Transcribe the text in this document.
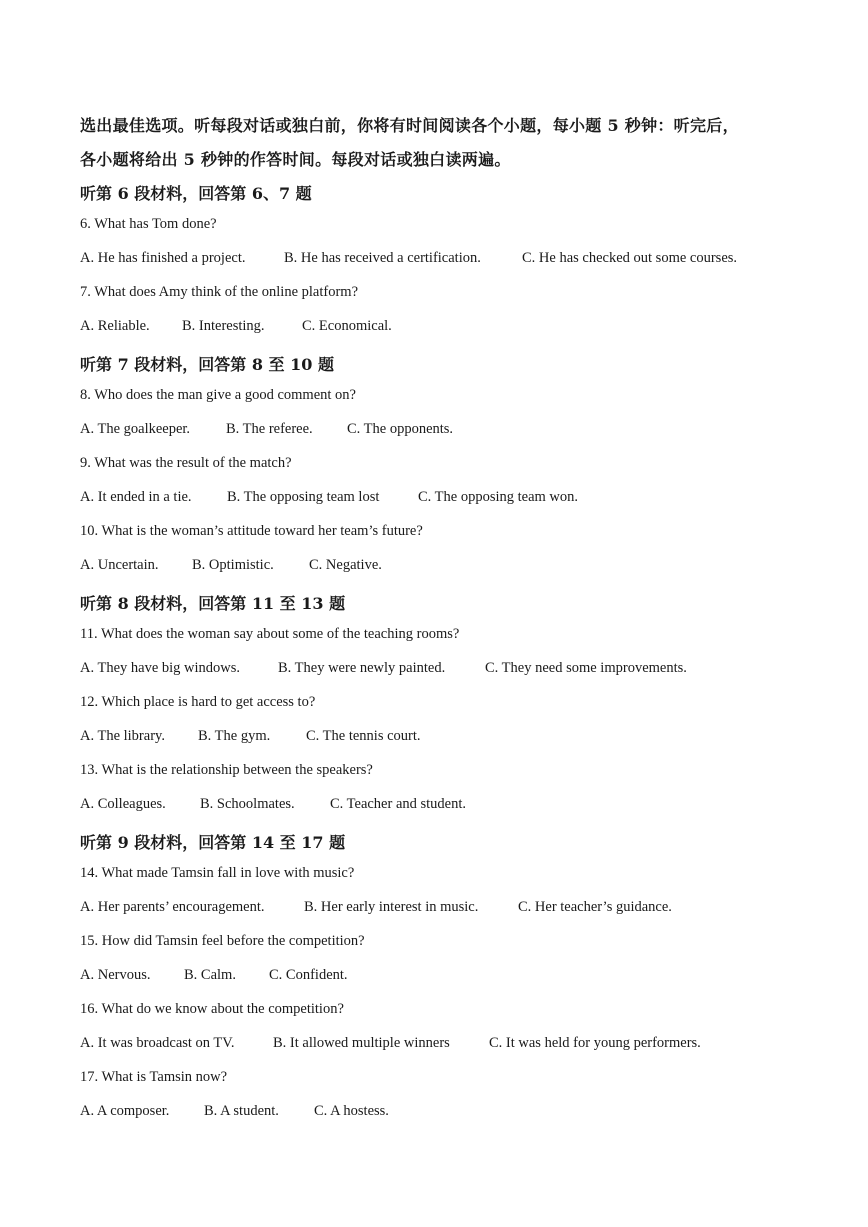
选出最佳选项。听每段对话或独白前，你将有时间阅读各个小题，每小题 5 秒钟：听完后，
各小题将给出 5 秒钟的作答时间。每段对话或独白读两遍。
听第 6 段材料，回答第 6、7 题
6. What has Tom done?
A. He has finished a project.	B. He has received a certification.	C. He has checked out some courses.
7. What does Amy think of the online platform?
A. Reliable. B. Interesting.	C. Economical.
听第 7 段材料，回答第 8 至 10 题
8. Who does the man give a good comment on?
A. The goalkeeper. B. The referee. C. The opponents.
9. What was the result of the match?
A. It ended in a tie. B. The opposing team lost	C. The opposing team won.
10. What is the woman’s attitude toward her team’s future?
A. Uncertain. B. Optimistic. C. Negative.
听第 8 段材料，回答第 11 至 13 题
11. What does the woman say about some of the teaching rooms?
A. They have big windows.	B. They were newly painted.	C. They need some improvements.
12. Which place is hard to get access to?
A. The library. B. The gym. C. The tennis court.
13. What is the relationship between the speakers?
A. Colleagues. B. Schoolmates. C. Teacher and student.
听第 9 段材料，回答第 14 至 17 题
14. What made Tamsin fall in love with music?
A. Her parents’ encouragement.	B. Her early interest in music.	C. Her teacher’s guidance.
15. How did Tamsin feel before the competition?
A. Nervous. B. Calm. C. Confident.
16. What do we know about the competition?
A. It was broadcast on TV.	B. It allowed multiple winners	C. It was held for young performers.
17. What is Tamsin now?
A. A composer. B. A student. C. A hostess.
